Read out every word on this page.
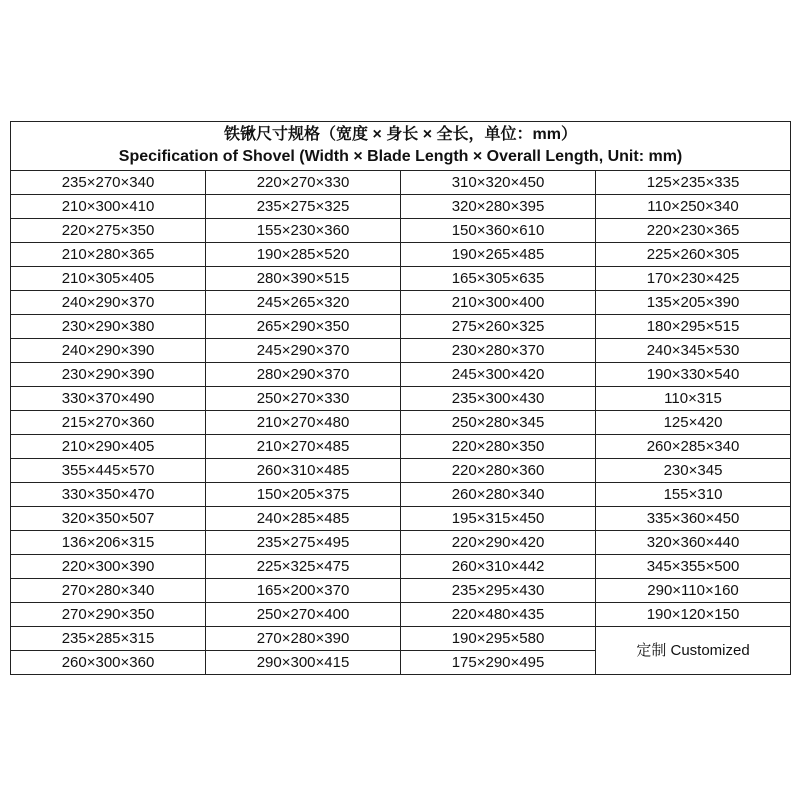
铁锹尺寸规格（宽度 × 身长 × 全长，单位：mm）
Specification of Shovel (Width × Blade Length × Overall Length, Unit: mm)			

235×270×340	220×270×330	310×320×450	125×235×335
210×300×410	235×275×325	320×280×395	110×250×340
220×275×350	155×230×360	150×360×610	220×230×365
210×280×365	190×285×520	190×265×485	225×260×305
210×305×405	280×390×515	165×305×635	170×230×425
240×290×370	245×265×320	210×300×400	135×205×390
230×290×380	265×290×350	275×260×325	180×295×515
240×290×390	245×290×370	230×280×370	240×345×530
230×290×390	280×290×370	245×300×420	190×330×540
330×370×490	250×270×330	235×300×430	110×315
215×270×360	210×270×480	250×280×345	125×420
210×290×405	210×270×485	220×280×350	260×285×340
355×445×570	260×310×485	220×280×360	230×345
330×350×470	150×205×375	260×280×340	155×310
320×350×507	240×285×485	195×315×450	335×360×450
136×206×315	235×275×495	220×290×420	320×360×440
220×300×390	225×325×475	260×310×442	345×355×500
270×280×340	165×200×370	235×295×430	290×110×160
270×290×350	250×270×400	220×480×435	190×120×150
235×285×315	270×280×390	190×295×580	定制 Customized
260×300×360	290×300×415	175×290×495	
